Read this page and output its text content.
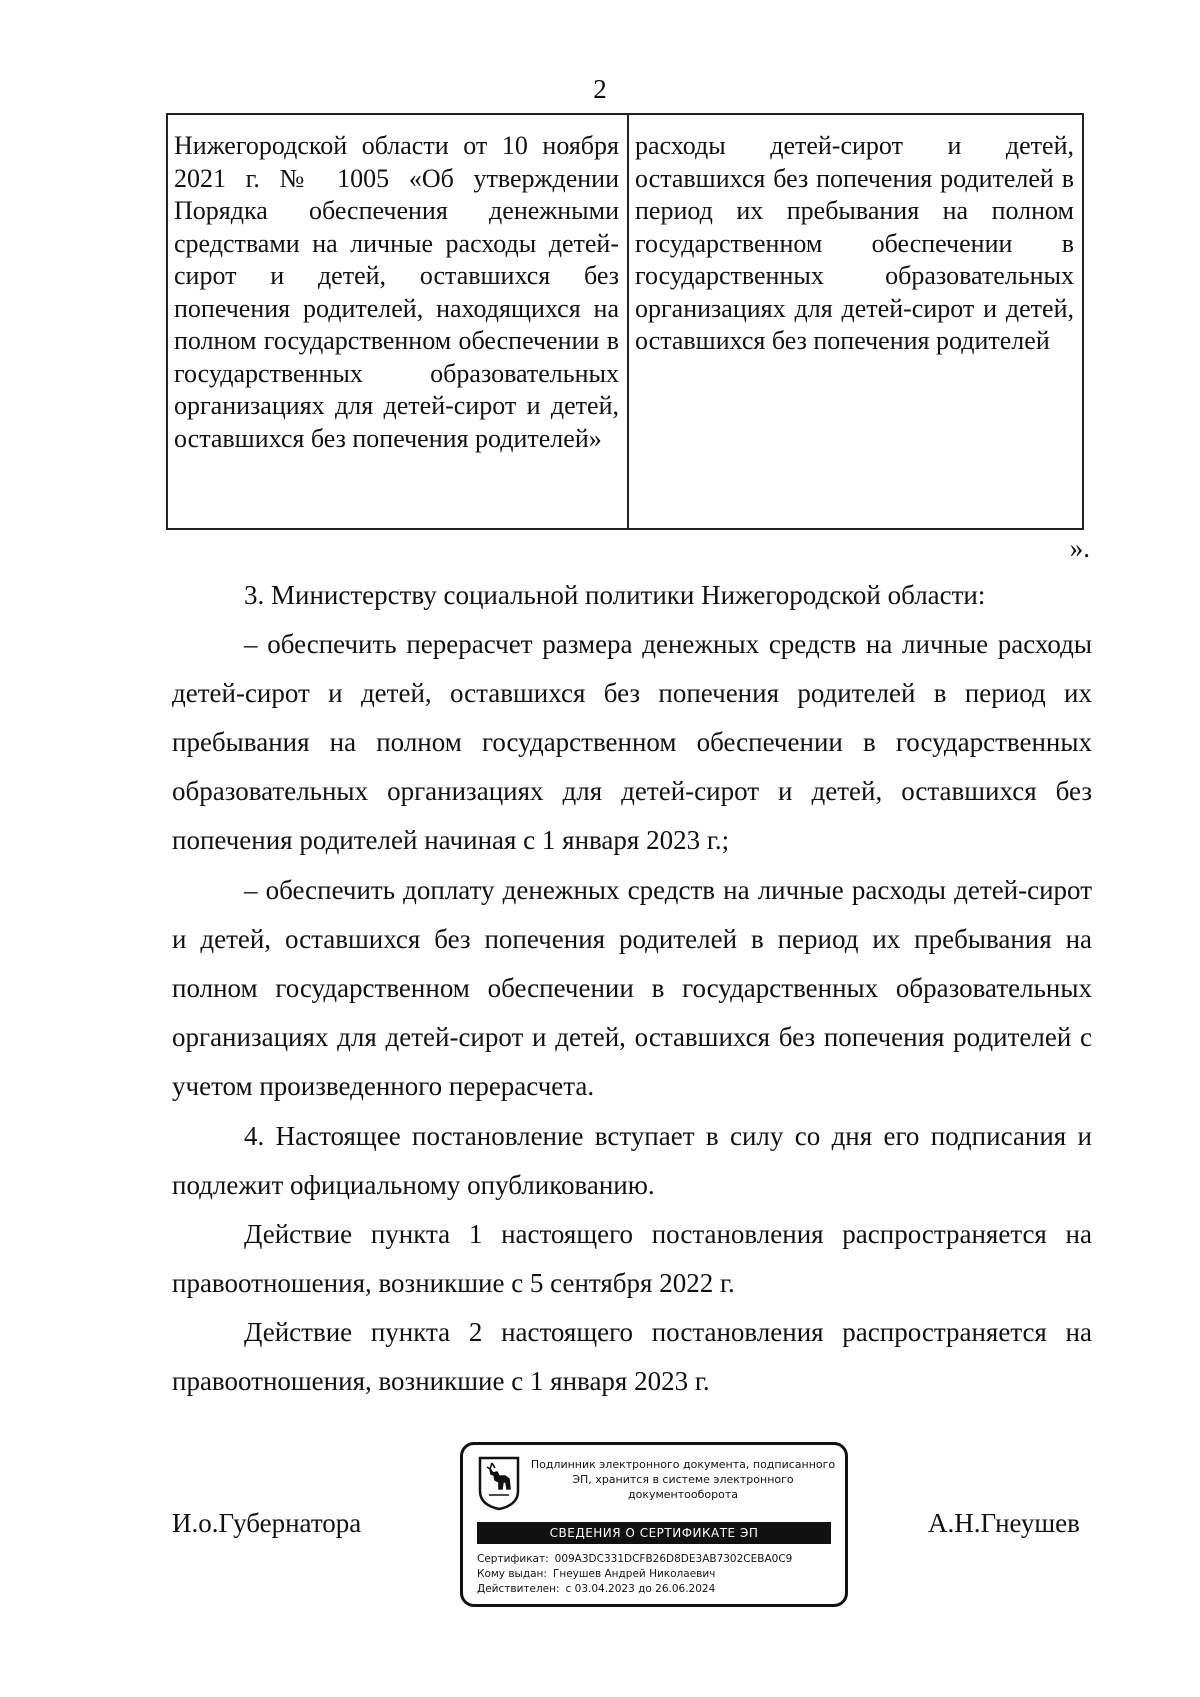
2
Нижегородской области от 10 ноября 2021 г. № 1005 «Об утверждении Порядка обеспечения денежными средствами на личные расходы детей-сирот и детей, оставшихся без попечения родителей, находящихся на полном государственном обеспечении в государственных образовательных организациях для детей-сирот и детей, оставшихся без попечения родителей»
расходы детей-сирот и детей, оставшихся без попечения родителей в период их пребывания на полном государственном обеспечении в государственных образовательных организациях для детей-сирот и детей, оставшихся без попечения родителей
».

3. Министерству социальной политики Нижегородской области:

– обеспечить перерасчет размера денежных средств на личные расходы детей-сирот и детей, оставшихся без попечения родителей в период их пребывания на полном государственном обеспечении в государственных образовательных организациях для детей-сирот и детей, оставшихся без попечения родителей начиная с 1 января 2023 г.;

– обеспечить доплату денежных средств на личные расходы детей-сирот и детей, оставшихся без попечения родителей в период их пребывания на полном государственном обеспечении в государственных образовательных организациях для детей-сирот и детей, оставшихся без попечения родителей с учетом произведенного перерасчета.

4. Настоящее постановление вступает в силу со дня его подписания и подлежит официальному опубликованию.

Действие пункта 1 настоящего постановления распространяется на правоотношения, возникшие с 5 сентября 2022 г.

Действие пункта 2 настоящего постановления распространяется на правоотношения, возникшие с 1 января 2023 г.

И.о.Губернатора	А.Н.Гнеушев
Подлинник электронного документа, подписанного ЭП, хранится в системе электронного документооборота
СВЕДЕНИЯ О СЕРТИФИКАТЕ ЭП
Сертификат: 009A3DC331DCFB26D8DE3AB7302CEBA0C9
Кому выдан: Гнеушев Андрей Николаевич
Действителен: с 03.04.2023 до 26.06.2024
